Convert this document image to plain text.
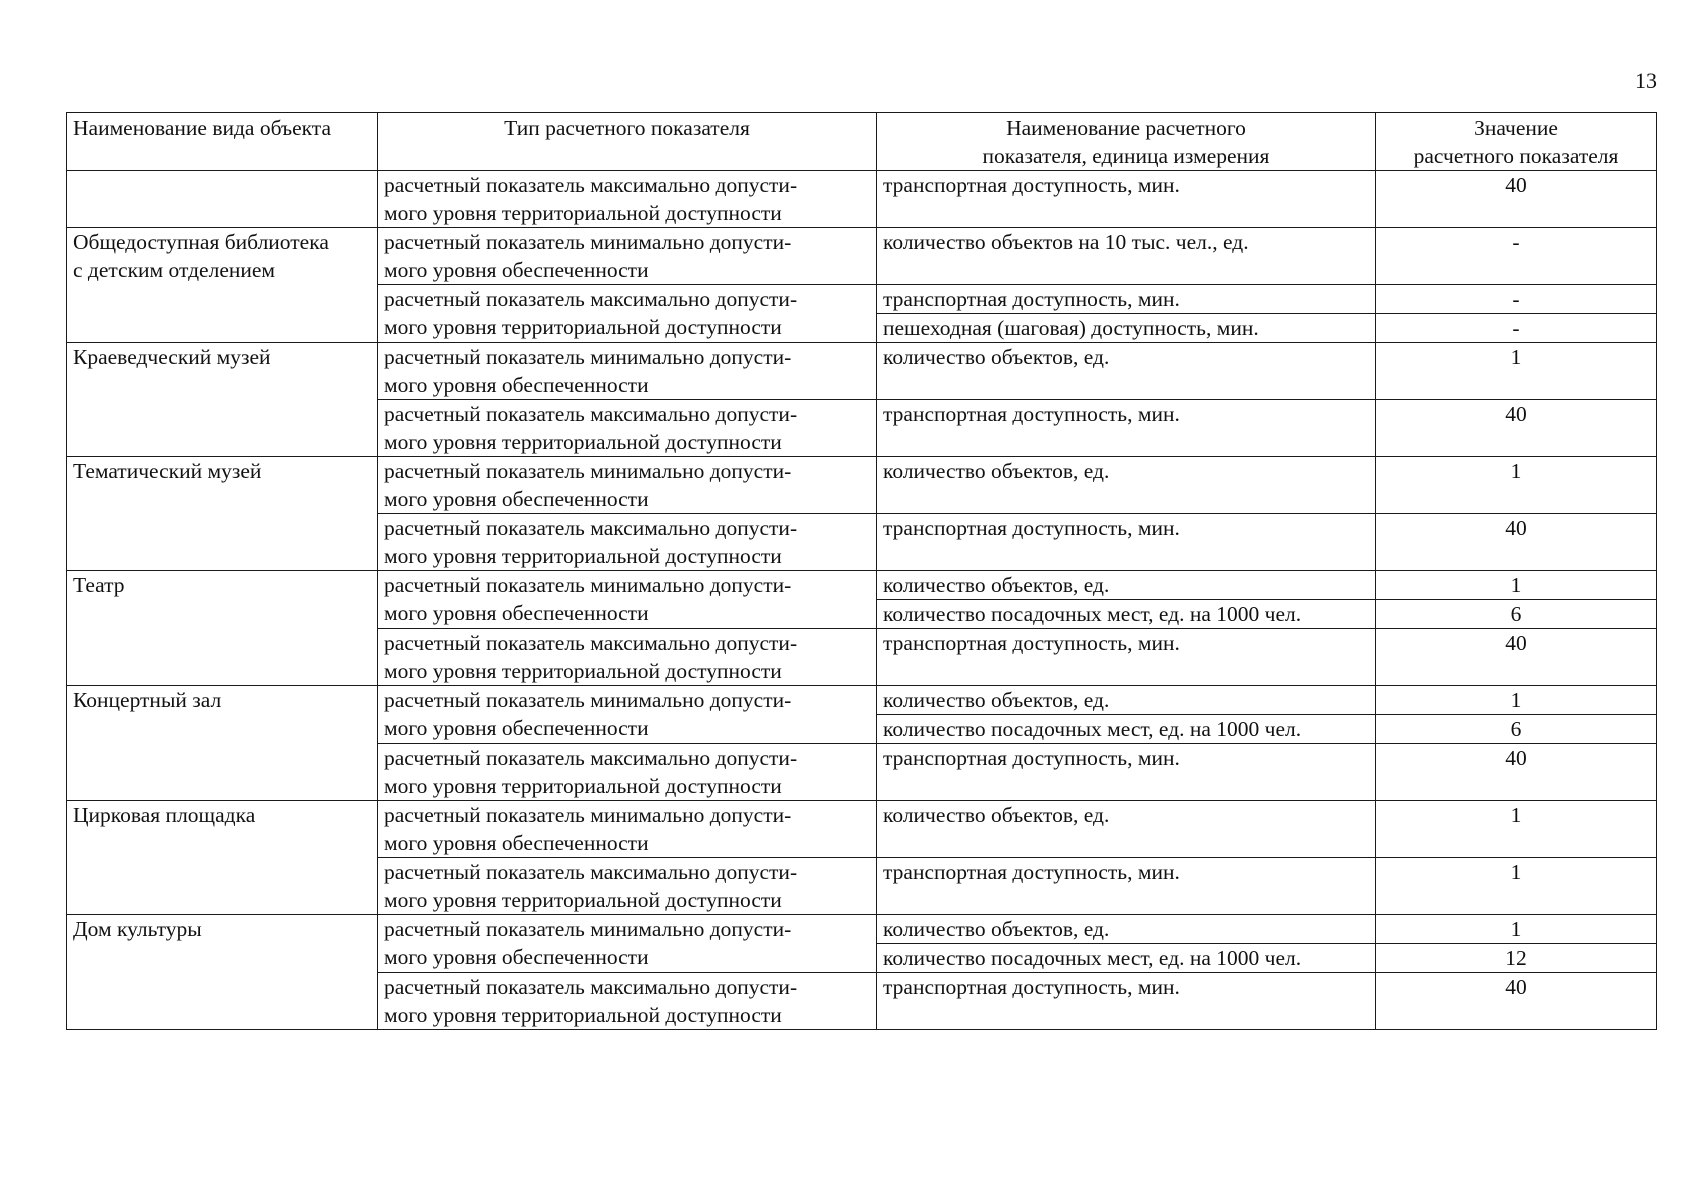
13
Наименование вида объекта	Тип расчетного показателя	Наименование расчетного
показателя, единица измерения	Значение
расчетного показателя

	расчетный показатель максимально допусти-
мого уровня территориальной доступности	транспортная доступность, мин.	40

Общедоступная библиотека
с детским отделением	расчетный показатель минимально допусти-
мого уровня обеспеченности	количество объектов на 10 тыс. чел., ед.	-

	расчетный показатель максимально допусти-
мого уровня территориальной доступности	транспортная доступность, мин.	-
		пешеходная (шаговая) доступность, мин.	-
Краеведческий музей	расчетный показатель минимально допусти-
мого уровня обеспеченности	количество объектов, ед.	1

	расчетный показатель максимально допусти-
мого уровня территориальной доступности	транспортная доступность, мин.	40
Тематический музей	расчетный показатель минимально допусти-
мого уровня обеспеченности	количество объектов, ед.	1

	расчетный показатель максимально допусти-
мого уровня территориальной доступности	транспортная доступность, мин.	40
Театр	расчетный показатель минимально допусти-
мого уровня обеспеченности	количество объектов, ед.	1
		количество посадочных мест, ед. на 1000 чел.	6

	расчетный показатель максимально допусти-
мого уровня территориальной доступности	транспортная доступность, мин.	40
Концертный зал	расчетный показатель минимально допусти-
мого уровня обеспеченности	количество объектов, ед.	1
		количество посадочных мест, ед. на 1000 чел.	6

	расчетный показатель максимально допусти-
мого уровня территориальной доступности	транспортная доступность, мин.	40
Цирковая площадка	расчетный показатель минимально допусти-
мого уровня обеспеченности	количество объектов, ед.	1

	расчетный показатель максимально допусти-
мого уровня территориальной доступности	транспортная доступность, мин.	1
Дом культуры	расчетный показатель минимально допусти-
мого уровня обеспеченности	количество объектов, ед.	1
		количество посадочных мест, ед. на 1000 чел.	12

	расчетный показатель максимально допусти-
мого уровня территориальной доступности	транспортная доступность, мин.	40
